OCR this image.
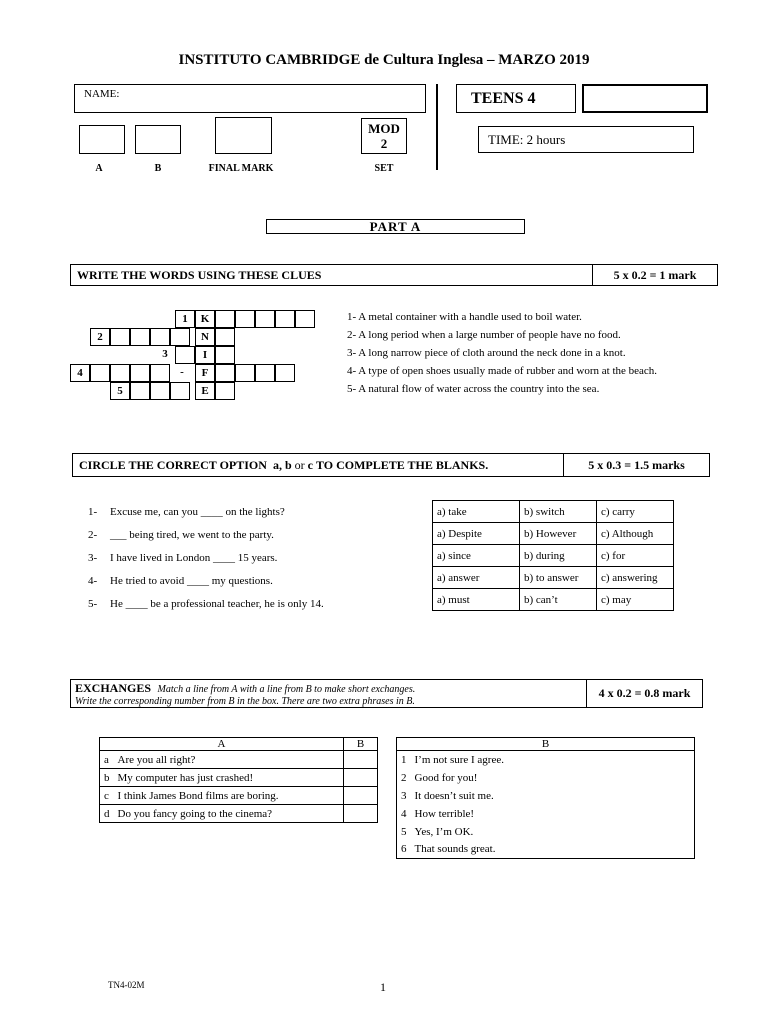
INSTITUTO CAMBRIDGE de Cultura Inglesa – MARZO 2019
NAME:	TEENS 4
TIME: 2 hours
MOD
2
A	B	FINAL MARK	SET
PART A
WRITE THE WORDS USING THESE CLUES	5 x 0.2 = 1 mark
1	K
2	N
3	I
4	-	F
5	E
1- A metal container with a handle used to boil water.
2- A long period when a large number of people have no food.
3- A long narrow piece of cloth around the neck done in a knot.
4- A type of open shoes usually made of rubber and worn at the beach.
5- A natural flow of water across the country into the sea.
CIRCLE THE CORRECT OPTION a, b or c TO COMPLETE THE BLANKS.	5 x 0.3 = 1.5 marks
1- Excuse me, can you ____ on the lights?
2- ___ being tired, we went to the party.
3- I have lived in London ____ 15 years.
4- He tried to avoid ____ my questions.
5- He ____ be a professional teacher, he is only 14.
a) take	b) switch	c) carry
a) Despite	b) However	c) Although
a) since	b) during	c) for
a) answer	b) to answer	c) answering
a) must	b) can’t	c) may
EXCHANGES Match a line from A with a line from B to make short exchanges.
Write the corresponding number from B in the box. There are two extra phrases in B.
4 x 0.2 = 0.8 mark
A		B
a	Are you all right?	
b	My computer has just crashed!	
c	I think James Bond films are boring.	
d	Do you fancy going to the cinema?	
B	
1	I’m not sure I agree.
2	Good for you!
3	It doesn’t suit me.
4	How terrible!
5	Yes, I’m OK.
6	That sounds great.
TN4-02M	1
